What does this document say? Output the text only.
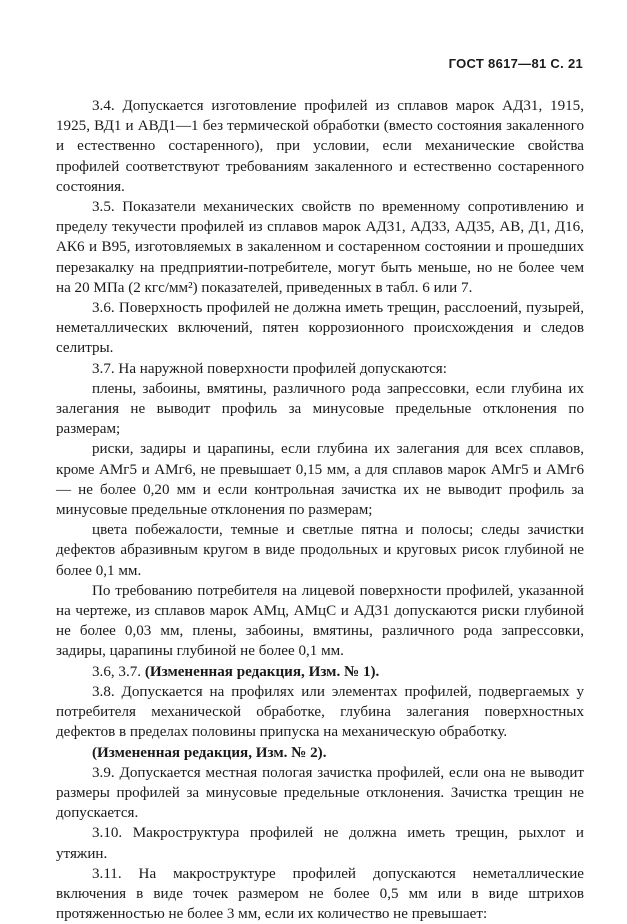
ГОСТ 8617—81 С. 21

3.4. Допускается изготовление профилей из сплавов марок АД31, 1915, 1925, ВД1 и АВД1—1 без термической обработки (вместо состояния закаленного и естественно состаренного), при условии, если механические свойства профилей соответствуют требованиям закаленного и естественно состаренного состояния.

3.5. Показатели механических свойств по временному сопротивлению и пределу текучести профилей из сплавов марок АД31, АД33, АД35, АВ, Д1, Д16, АК6 и В95, изготовляемых в закаленном и состаренном состоянии и прошедших перезакалку на предприятии-потребителе, могут быть меньше, но не более чем на 20 МПа (2 кгс/мм²) показателей, приведенных в табл. 6 или 7.

3.6. Поверхность профилей не должна иметь трещин, расслоений, пузырей, неметаллических включений, пятен коррозионного происхождения и следов селитры.

3.7. На наружной поверхности профилей допускаются:

плены, забоины, вмятины, различного рода запрессовки, если глубина их залегания не выводит профиль за минусовые предельные отклонения по размерам;

риски, задиры и царапины, если глубина их залегания для всех сплавов, кроме АМг5 и АМг6, не превышает 0,15 мм, а для сплавов марок АМг5 и АМг6 — не более 0,20 мм и если контрольная зачистка их не выводит профиль за минусовые предельные отклонения по размерам;

цвета побежалости, темные и светлые пятна и полосы; следы зачистки дефектов абразивным кругом в виде продольных и круговых рисок глубиной не более 0,1 мм.

По требованию потребителя на лицевой поверхности профилей, указанной на чертеже, из сплавов марок АМц, АМцС и АД31 допускаются риски глубиной не более 0,03 мм, плены, забоины, вмятины, различного рода запрессовки, задиры, царапины глубиной не более 0,1 мм.

3.6, 3.7. (Измененная редакция, Изм. № 1).

3.8. Допускается на профилях или элементах профилей, подвергаемых у потребителя механической обработке, глубина залегания поверхностных дефектов в пределах половины припуска на механическую обработку.

(Измененная редакция, Изм. № 2).

3.9. Допускается местная пологая зачистка профилей, если она не выводит размеры профилей за минусовые предельные отклонения. Зачистка трещин не допускается.

3.10. Макроструктура профилей не должна иметь трещин, рыхлот и утяжин.

3.11. На макроструктуре профилей допускаются неметаллические включения в виде точек размером не более 0,5 мм или в виде штрихов протяженностью не более 3 мм, если их количество не превышает:
